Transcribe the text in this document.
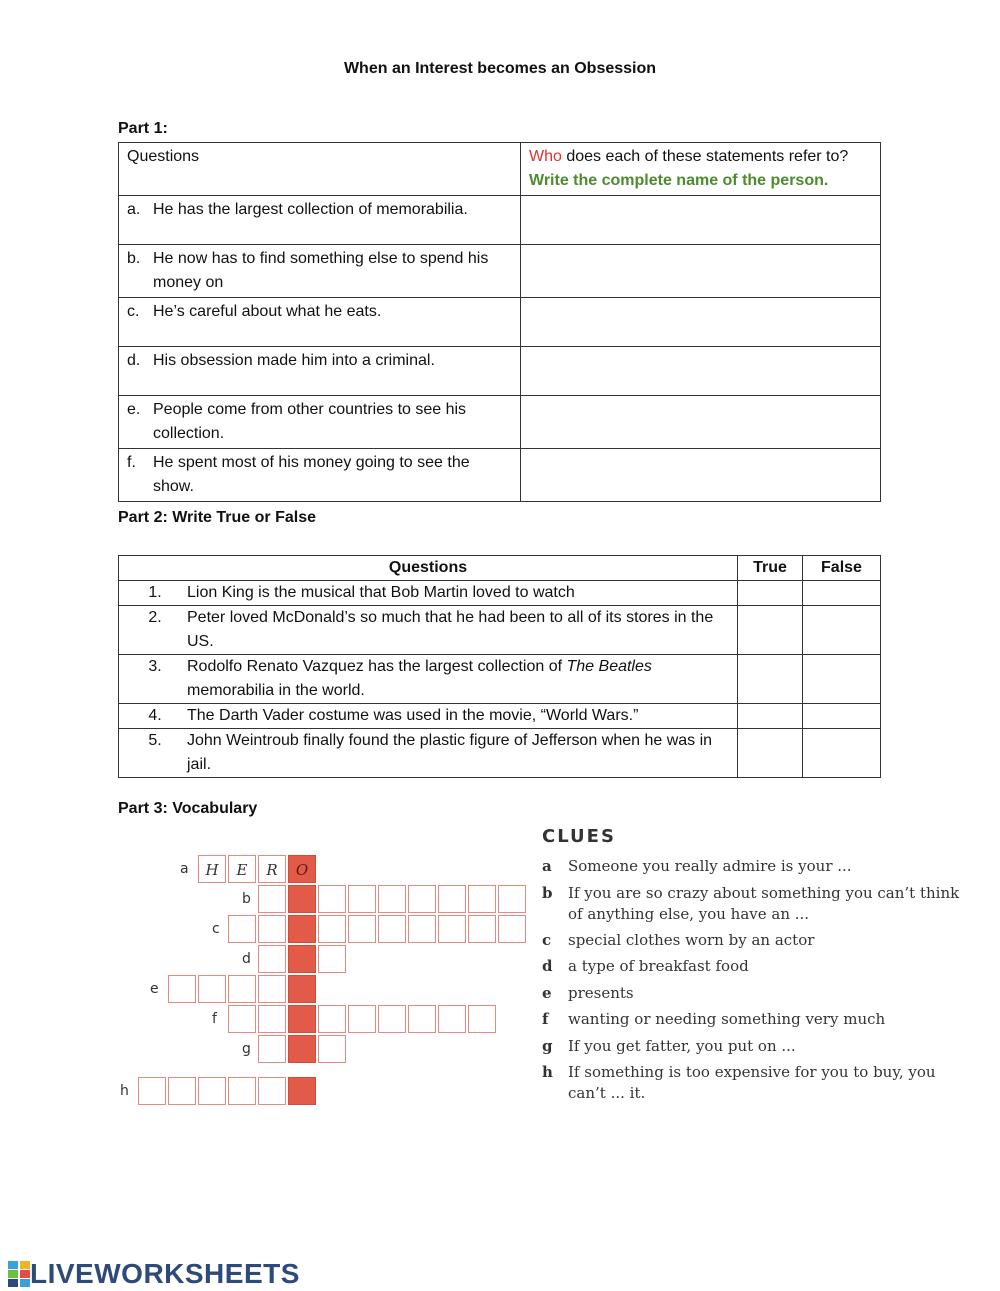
When an Interest becomes an Obsession
Part 1:
Questions	Who does each of these statements refer to?
Write the complete name of the person.

a. He has the largest collection of memorabilia.	

b. He now has to find something else to spend his money on	

c. He’s careful about what he eats.	

d. His obsession made him into a criminal.	

e. People come from other countries to see his collection.	

f. He spent most of his money going to see the show.	

Part 2: Write True or False
Questions	True	False

1. Lion King is the musical that Bob Martin loved to watch		

2. Peter loved McDonald’s so much that he had been to all of its stores in the US.		

3. Rodolfo Renato Vazquez has the largest collection of The Beatles memorabilia in the world.		

4. The Darth Vader costume was used in the movie, “World Wars.”		

5. John Weintroub finally found the plastic figure of Jefferson when he was in jail.		

Part 3: Vocabulary
a	H	E	R	O
b
c
d
e
f
g
h
CLUES
a	Someone you really admire is your ...
b	If you are so crazy about something you can’t think of anything else, you have an ...
c	special clothes worn by an actor
d	a type of breakfast food
e	presents
f	wanting or needing something very much
g	If you get fatter, you put on ...
h	If something is too expensive for you to buy, you can’t ... it.
LIVEWORKSHEETS
